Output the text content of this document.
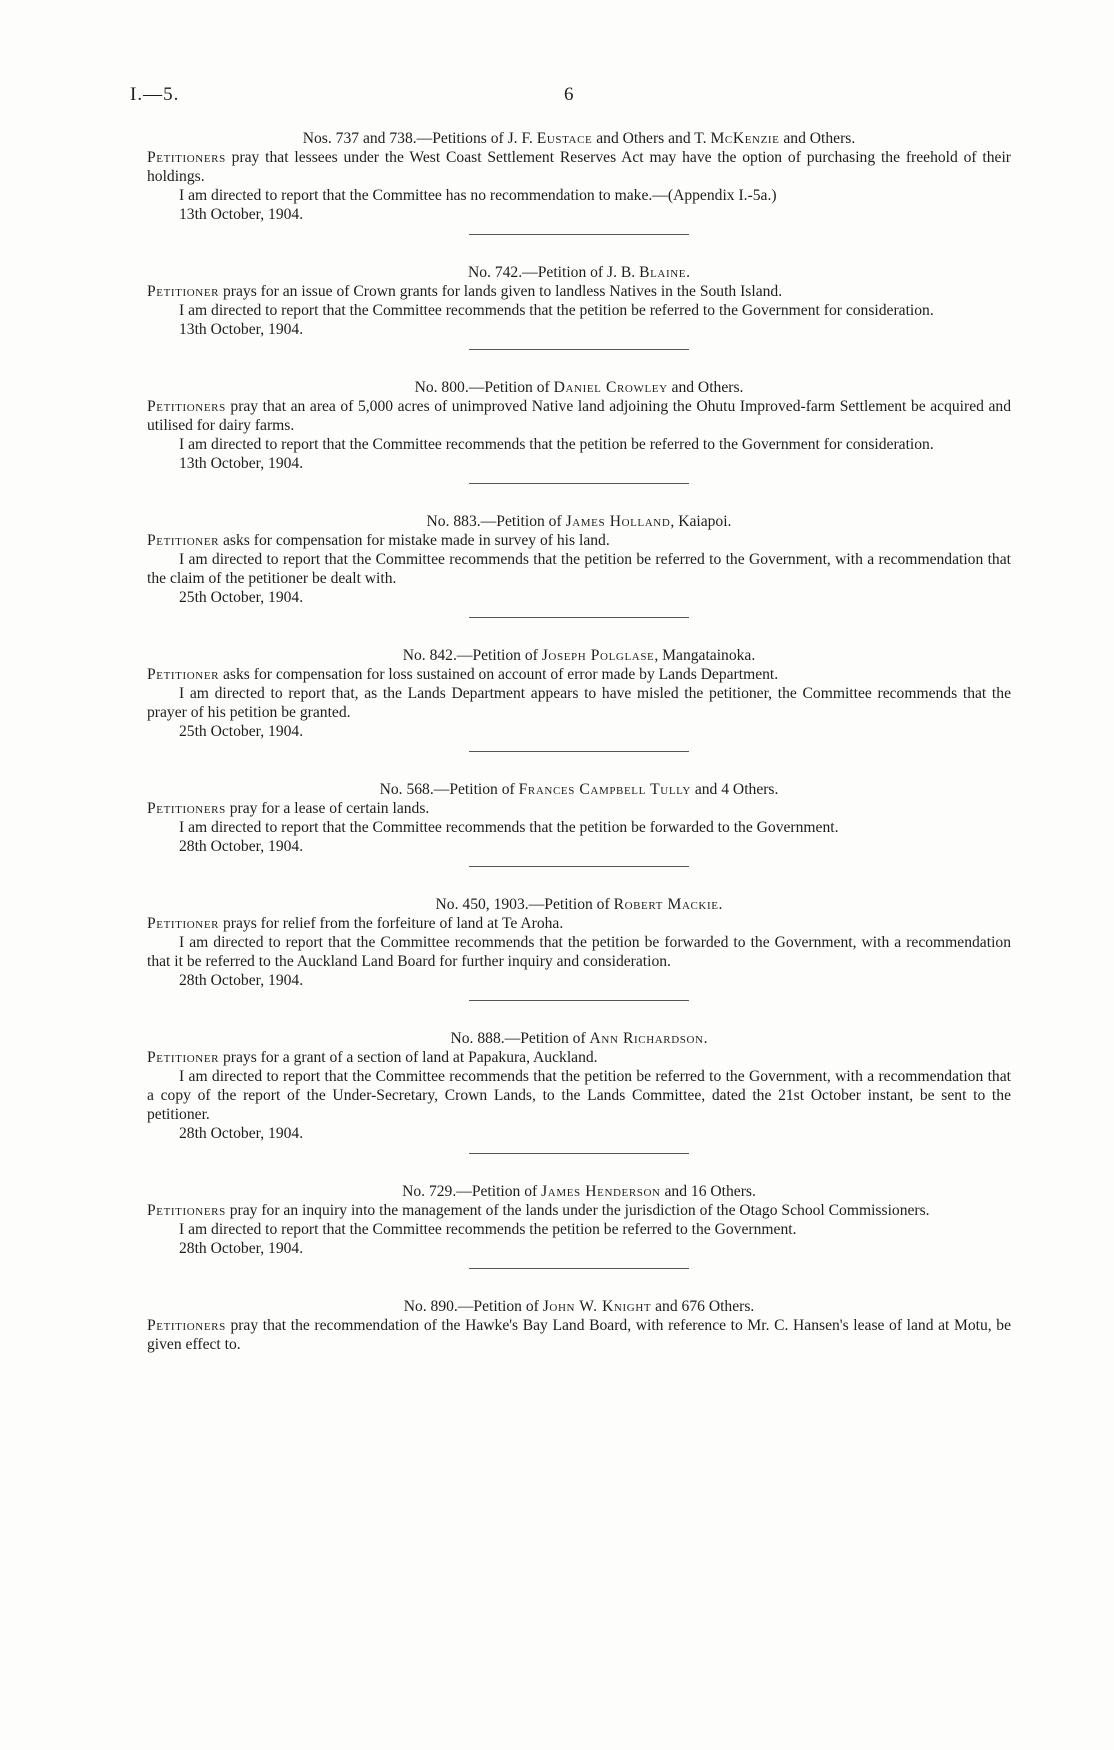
I.—5.	6

Nos. 737 and 738.—Petitions of J. F. Eustace and Others and T. McKenzie and Others.

Petitioners pray that lessees under the West Coast Settlement Reserves Act may have the option of purchasing the freehold of their holdings.

I am directed to report that the Committee has no recommendation to make.—(Appendix I.-5a.)

13th October, 1904.

No. 742.—Petition of J. B. Blaine.

Petitioner prays for an issue of Crown grants for lands given to landless Natives in the South Island.

I am directed to report that the Committee recommends that the petition be referred to the Government for consideration.

13th October, 1904.

No. 800.—Petition of Daniel Crowley and Others.

Petitioners pray that an area of 5,000 acres of unimproved Native land adjoining the Ohutu Improved-farm Settlement be acquired and utilised for dairy farms.

I am directed to report that the Committee recommends that the petition be referred to the Government for consideration.

13th October, 1904.

No. 883.—Petition of James Holland, Kaiapoi.

Petitioner asks for compensation for mistake made in survey of his land.

I am directed to report that the Committee recommends that the petition be referred to the Government, with a recommendation that the claim of the petitioner be dealt with.

25th October, 1904.

No. 842.—Petition of Joseph Polglase, Mangatainoka.

Petitioner asks for compensation for loss sustained on account of error made by Lands Department.

I am directed to report that, as the Lands Department appears to have misled the petitioner, the Committee recommends that the prayer of his petition be granted.

25th October, 1904.

No. 568.—Petition of Frances Campbell Tully and 4 Others.

Petitioners pray for a lease of certain lands.

I am directed to report that the Committee recommends that the petition be forwarded to the Government.

28th October, 1904.

No. 450, 1903.—Petition of Robert Mackie.

Petitioner prays for relief from the forfeiture of land at Te Aroha.

I am directed to report that the Committee recommends that the petition be forwarded to the Government, with a recommendation that it be referred to the Auckland Land Board for further inquiry and consideration.

28th October, 1904.

No. 888.—Petition of Ann Richardson.

Petitioner prays for a grant of a section of land at Papakura, Auckland.

I am directed to report that the Committee recommends that the petition be referred to the Government, with a recommendation that a copy of the report of the Under-Secretary, Crown Lands, to the Lands Committee, dated the 21st October instant, be sent to the petitioner.

28th October, 1904.

No. 729.—Petition of James Henderson and 16 Others.

Petitioners pray for an inquiry into the management of the lands under the jurisdiction of the Otago School Commissioners.

I am directed to report that the Committee recommends the petition be referred to the Government.

28th October, 1904.

No. 890.—Petition of John W. Knight and 676 Others.

Petitioners pray that the recommendation of the Hawke's Bay Land Board, with reference to Mr. C. Hansen's lease of land at Motu, be given effect to.
